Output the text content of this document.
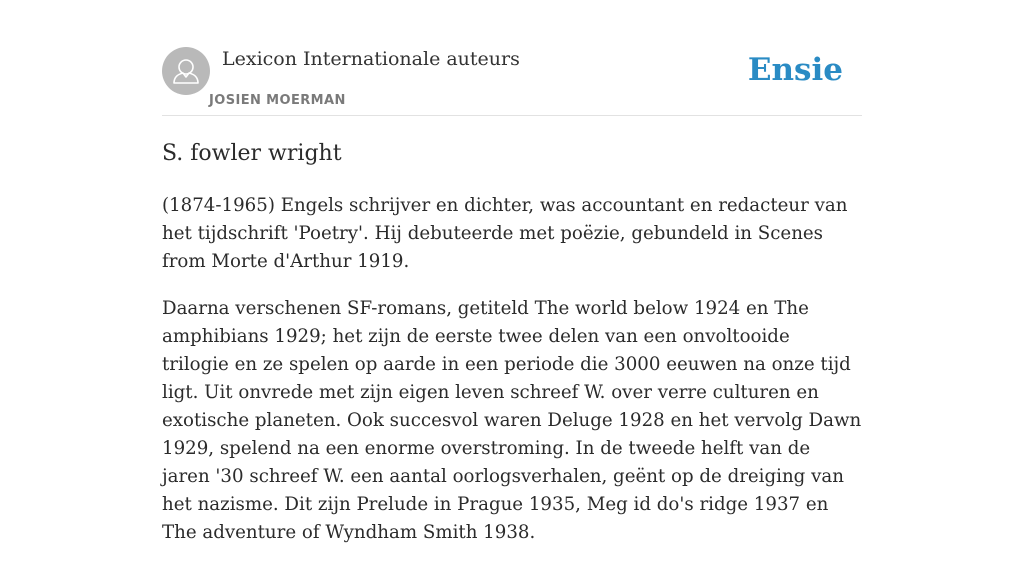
Lexicon Internationale auteurs
JOSIEN MOERMAN
Ensie
S. fowler wright

(1874-1965) Engels schrijver en dichter, was accountant en redacteur van het tijdschrift 'Poetry'. Hij debuteerde met poëzie, gebundeld in Scenes from Morte d'Arthur 1919.

Daarna verschenen SF-romans, getiteld The world below 1924 en The amphibians 1929; het zijn de eerste twee delen van een onvoltooide trilogie en ze spelen op aarde in een periode die 3000 eeuwen na onze tijd ligt. Uit onvrede met zijn eigen leven schreef W. over verre culturen en exotische planeten. Ook succesvol waren Deluge 1928 en het vervolg Dawn 1929, spelend na een enorme overstroming. In de tweede helft van de jaren '30 schreef W. een aantal oorlogsverhalen, geënt op de dreiging van het nazisme. Dit zijn Prelude in Prague 1935, Meg id do's ridge 1937 en The adventure of Wyndham Smith 1938.
